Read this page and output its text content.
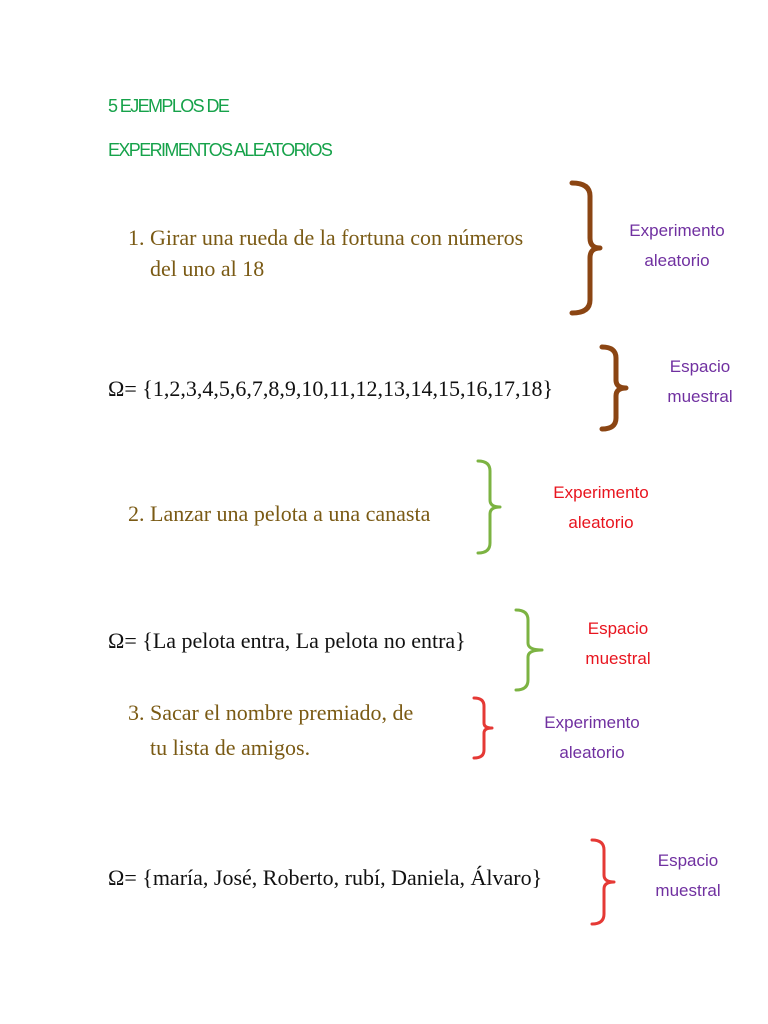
5 EJEMPLOS DE
EXPERIMENTOS ALEATORIOS
1. Girar una rueda de la fortuna con números
del uno al 18
Experimento
aleatorio
Ω= {1,2,3,4,5,6,7,8,9,10,11,12,13,14,15,16,17,18}
Espacio
muestral
2. Lanzar una pelota a una canasta
Experimento
aleatorio
Ω= {La pelota entra, La pelota no entra}	Espacio
muestral
3. Sacar el nombre premiado, de
tu lista de amigos.
Experimento
aleatorio
Ω= {maría, José, Roberto, rubí, Daniela, Álvaro}
Espacio
muestral
